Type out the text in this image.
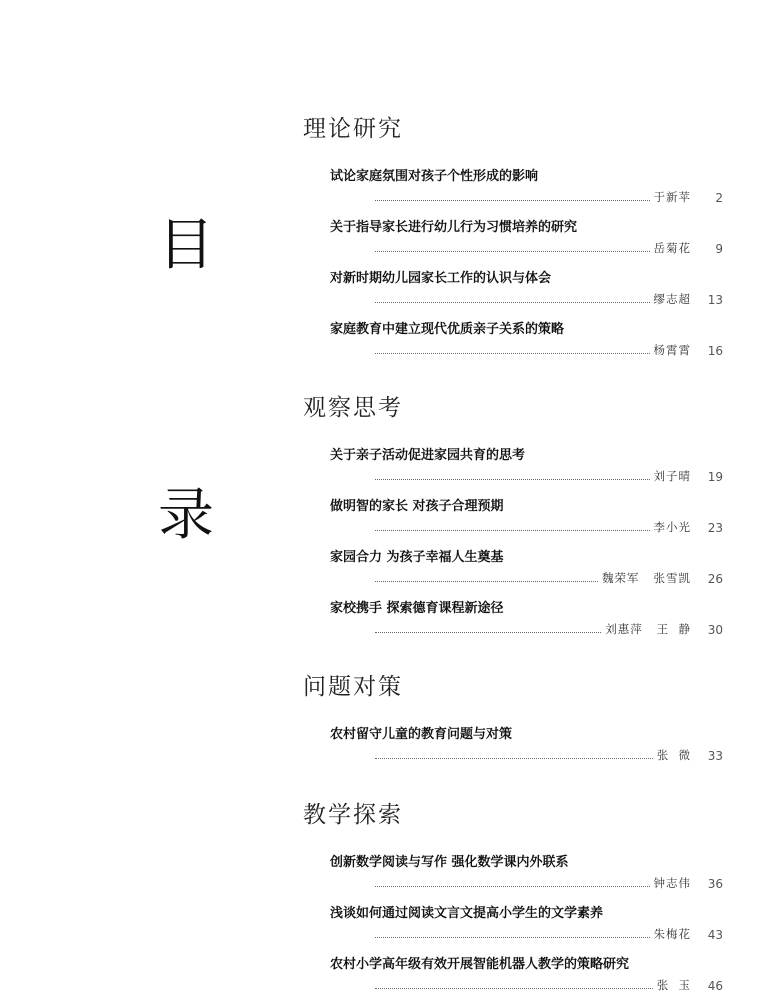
目
录
理论研究
试论家庭氛围对孩子个性形成的影响
于新苹	2
关于指导家长进行幼儿行为习惯培养的研究
岳菊花	9
对新时期幼儿园家长工作的认识与体会
缪志超	13
家庭教育中建立现代优质亲子关系的策略
杨霄霄	16
观察思考
关于亲子活动促进家园共育的思考
刘子晴	19
做明智的家长 对孩子合理预期
李小光	23
家园合力 为孩子幸福人生奠基
魏荣军   张雪凯	26
家校携手 探索德育课程新途径
刘惠萍   王  静	30
问题对策
农村留守儿童的教育问题与对策
张  微	33
教学探索
创新数学阅读与写作 强化数学课内外联系
钟志伟	36
浅谈如何通过阅读文言文提高小学生的文学素养
朱梅花	43
农村小学高年级有效开展智能机器人教学的策略研究
张  玉	46
